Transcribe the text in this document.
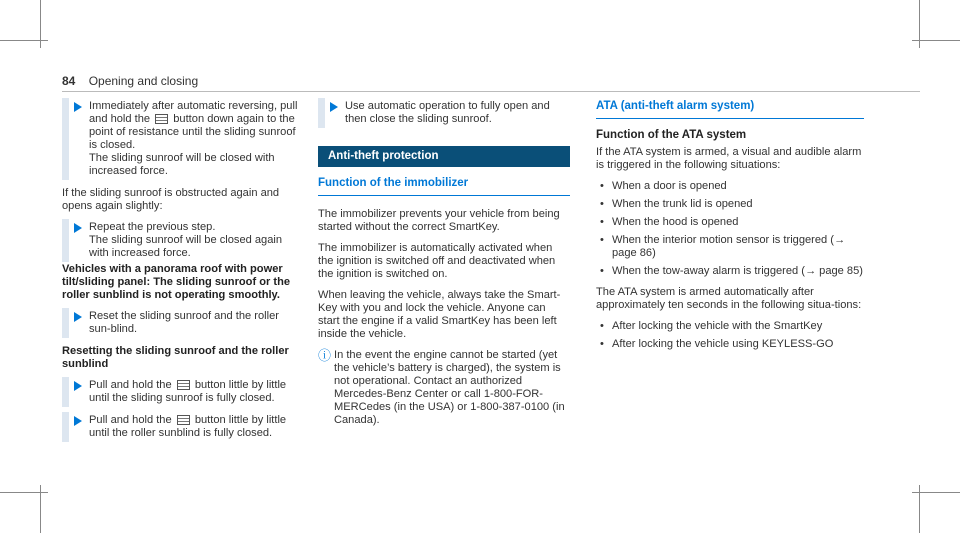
84 Opening and closing
Immediately after automatic reversing, pull and hold the button down again to the point of resistance until the sliding sunroof is closed.
The sliding sunroof will be closed with increased force.

If the sliding sunroof is obstructed again and opens again slightly:

Repeat the previous step.
The sliding sunroof will be closed again with increased force.

Vehicles with a panorama roof with power tilt/sliding panel: The sliding sunroof or the roller sunblind is not operating smoothly.

Reset the sliding sunroof and the roller sun-blind.

Resetting the sliding sunroof and the roller sunblind

Pull and hold the button little by little until the sliding sunroof is fully closed.
Pull and hold the button little by little until the roller sunblind is fully closed.
Use automatic operation to fully open and then close the sliding sunroof.
Anti-theft protection
Function of the immobilizer

The immobilizer prevents your vehicle from being started without the correct SmartKey.

The immobilizer is automatically activated when the ignition is switched off and deactivated when the ignition is switched on.

When leaving the vehicle, always take the Smart-Key with you and lock the vehicle. Anyone can start the engine if a valid SmartKey has been left inside the vehicle.

ⓘ In the event the engine cannot be started (yet the vehicle’s battery is charged), the system is not operational. Contact an authorized Mercedes-Benz Center or call 1-800-FOR-MERCedes (in the USA) or 1-800-387-0100 (in Canada).
ATA (anti-theft alarm system)
Function of the ATA system

If the ATA system is armed, a visual and audible alarm is triggered in the following situations:

• When a door is opened
• When the trunk lid is opened
• When the hood is opened
• When the interior motion sensor is triggered (→ page 86)
• When the tow-away alarm is triggered (→ page 85)

The ATA system is armed automatically after approximately ten seconds in the following situa-tions:

• After locking the vehicle with the SmartKey
• After locking the vehicle using KEYLESS-GO
